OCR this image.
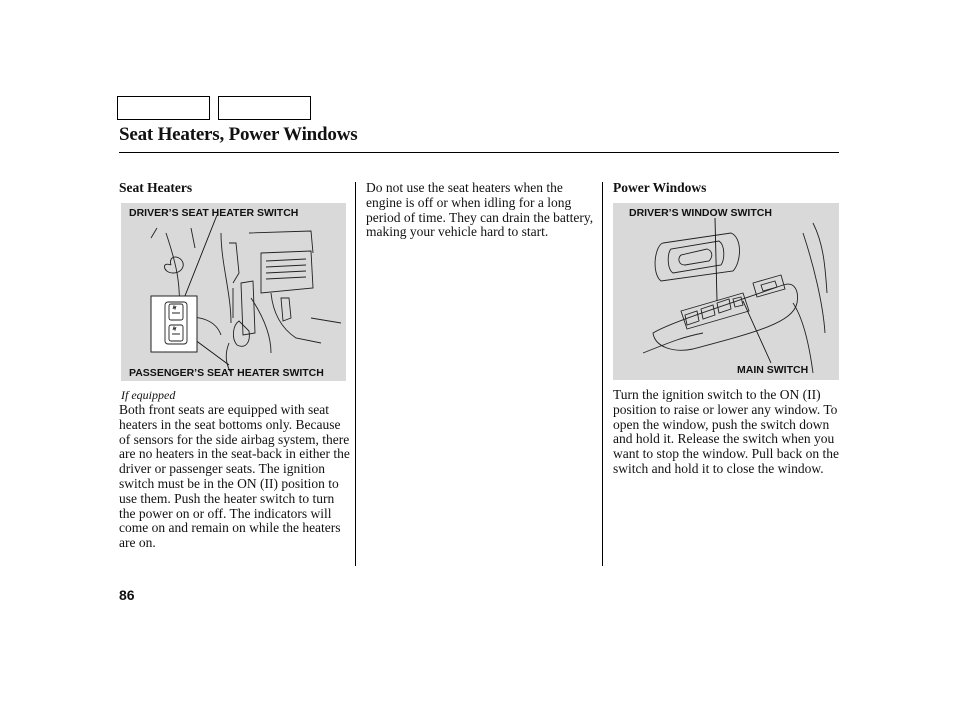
Seat Heaters, Power Windows
Seat Heaters
DRIVER’S SEAT HEATER SWITCH
PASSENGER’S SEAT HEATER SWITCH

If equipped

Both front seats are equipped with seat heaters in the seat bottoms only. Because of sensors for the side airbag system, there are no heaters in the seat-back in either the driver or passenger seats. The ignition switch must be in the ON (II) position to use them. Push the heater switch to turn the power on or off. The indicators will come on and remain on while the heaters are on.

Do not use the seat heaters when the engine is off or when idling for a long period of time. They can drain the battery, making your vehicle hard to start.

Power Windows
DRIVER’S WINDOW SWITCH
MAIN SWITCH

Turn the ignition switch to the ON (II) position to raise or lower any window. To open the window, push the switch down and hold it. Release the switch when you want to stop the window. Pull back on the switch and hold it to close the window.

86
